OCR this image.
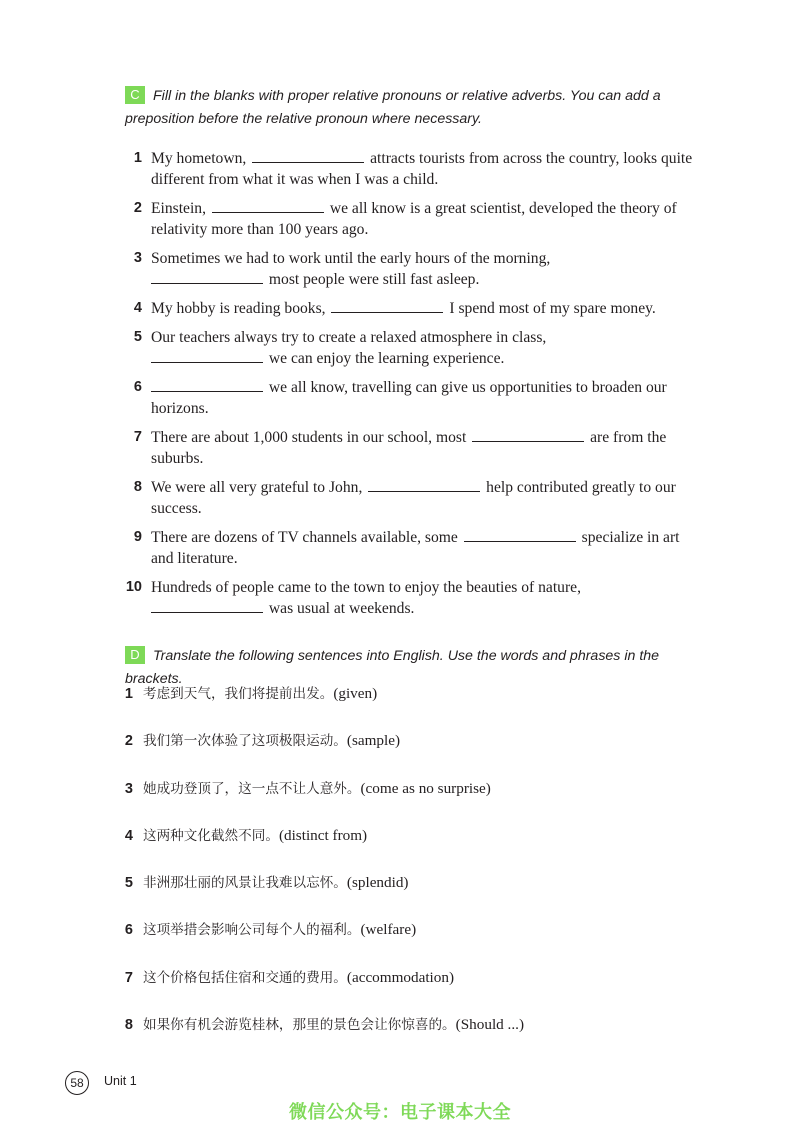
C Fill in the blanks with proper relative pronouns or relative adverbs. You can add a preposition before the relative pronoun where necessary.
1 My hometown,	attracts tourists from across the country, looks quite different from what it was when I was a child.
2 Einstein,	we all know is a great scientist, developed the theory of relativity more than 100 years ago.
3 Sometimes we had to work until the early hours of the morning,
most people were still fast asleep.
4 My hobby is reading books,	I spend most of my spare money.
5 Our teachers always try to create a relaxed atmosphere in class,
we can enjoy the learning experience.
6	we all know, travelling can give us opportunities to broaden our horizons.
7 There are about 1,000 students in our school, most	are from the suburbs.
8 We were all very grateful to John,	help contributed greatly to our success.
9 There are dozens of TV channels available, some	specialize in art and literature.
10 Hundreds of people came to the town to enjoy the beauties of nature,
was usual at weekends.
D Translate the following sentences into English. Use the words and phrases in the brackets.
1 考虑到天气，我们将提前出发。(given)
2 我们第一次体验了这项极限运动。(sample)
3 她成功登顶了，这一点不让人意外。(come as no surprise)
4 这两种文化截然不同。(distinct from)
5 非洲那壮丽的风景让我难以忘怀。(splendid)
6 这项举措会影响公司每个人的福利。(welfare)
7 这个价格包括住宿和交通的费用。(accommodation)
8 如果你有机会游览桂林，那里的景色会让你惊喜的。(Should ...)
58	Unit 1
微信公众号：电子课本大全
